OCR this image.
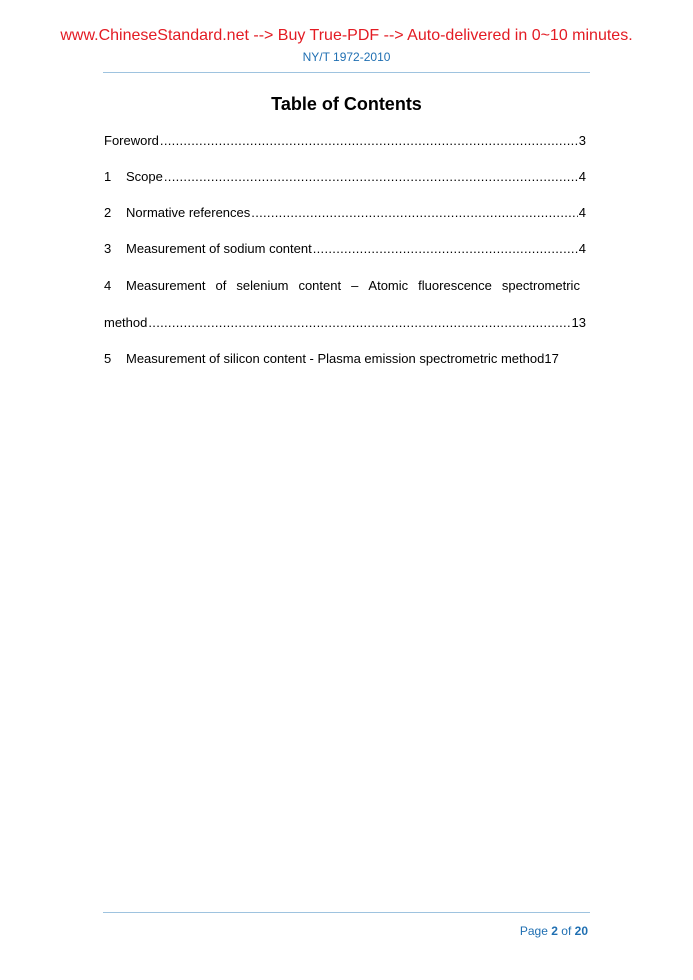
www.ChineseStandard.net --> Buy True-PDF --> Auto-delivered in 0~10 minutes.
NY/T 1972-2010
Table of Contents
Foreword .....	3
1	Scope .....	4
2	Normative references .....	4
3	Measurement of sodium content .....	4
4 Measurement of selenium content – Atomic fluorescence spectrometric
method .....	13
5	Measurement of silicon content - Plasma emission spectrometric method 17
Page 2 of 20
